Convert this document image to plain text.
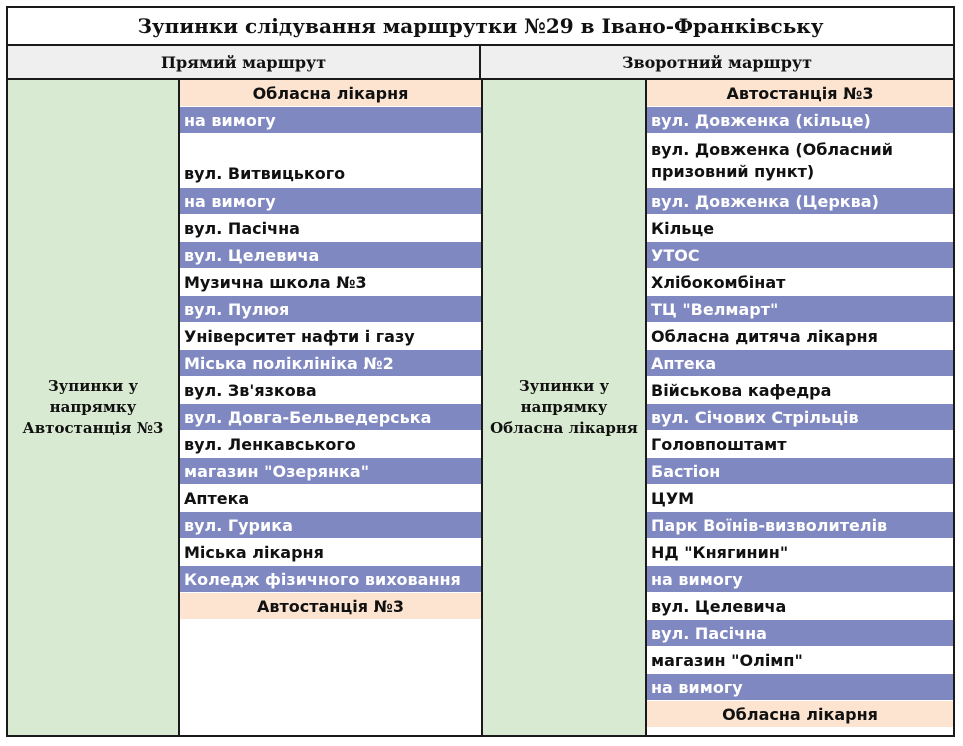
Зупинки слідування маршрутки №29 в Івано-Франківську
Прямий маршрут	Зворотний маршрут
Зупинки у
напрямку
Автостанція №3
Обласна лікарня
на вимогу
вул. Витвицького
на вимогу
вул. Пасічна
вул. Целевича
Музична школа №3
вул. Пулюя
Університет нафти і газу
Міська поліклініка №2
вул. Зв'язкова
вул. Довга-Бельведерська
вул. Ленкавського
магазин "Озерянка"
Аптека
вул. Гурика
Міська лікарня
Коледж фізичного виховання
Автостанція №3
Зупинки у
напрямку
Обласна лікарня
Автостанція №3
вул. Довженка (кільце)
вул. Довженка (Обласний призовний пункт)
вул. Довженка (Церква)
Кільце
УТОС
Хлібокомбінат
ТЦ "Велмарт"
Обласна дитяча лікарня
Аптека
Військова кафедра
вул. Січових Стрільців
Головпоштамт
Бастіон
ЦУМ
Парк Воїнів-визволителів
НД "Княгинин"
на вимогу
вул. Целевича
вул. Пасічна
магазин "Олімп"
на вимогу
Обласна лікарня
